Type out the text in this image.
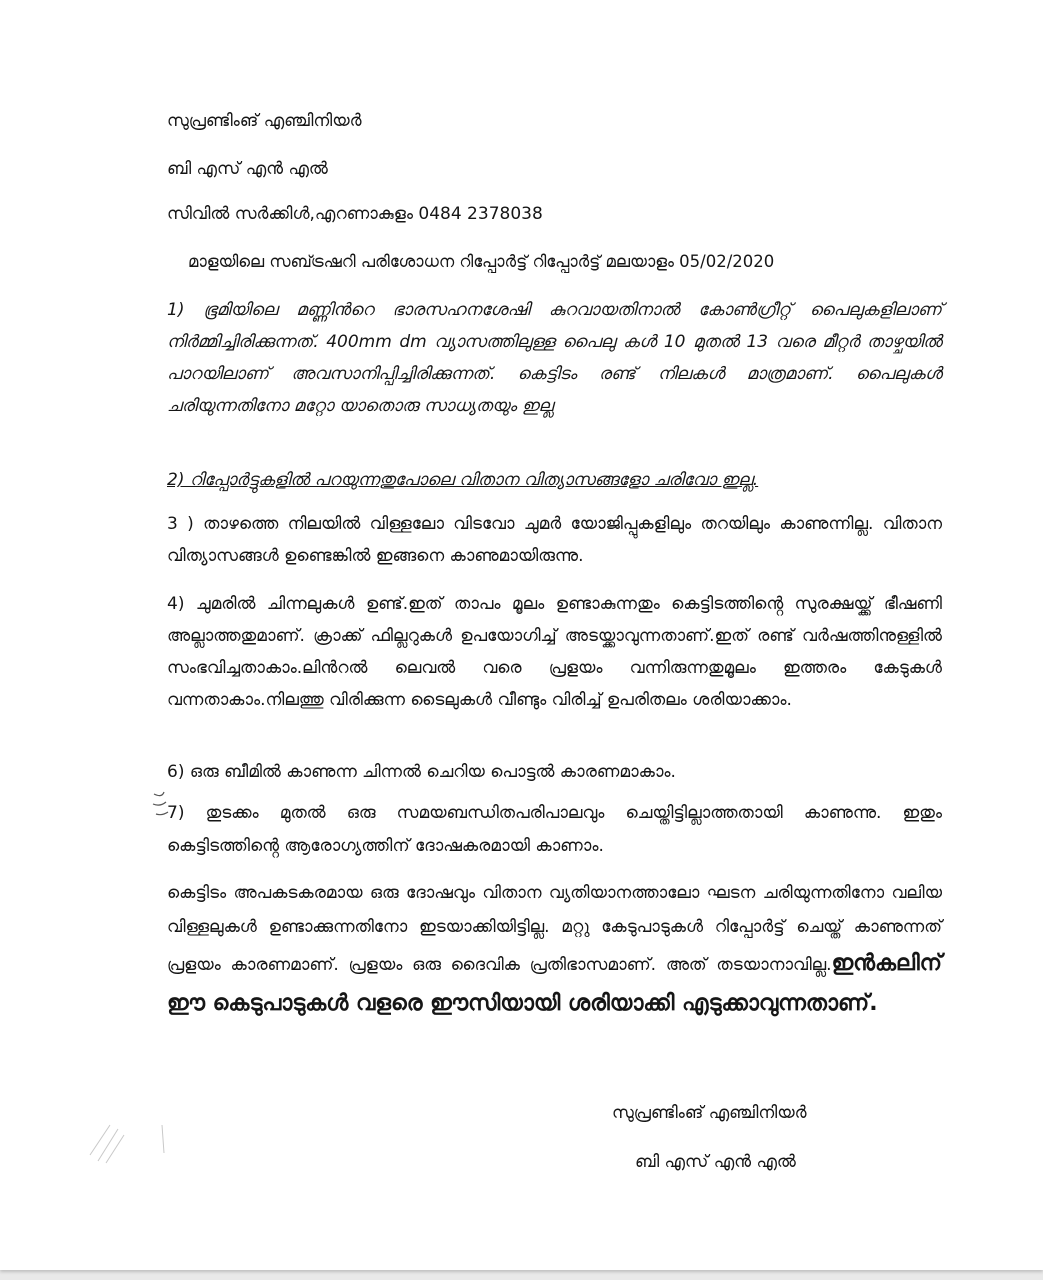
സുപ്രണ്ടിംങ് എഞ്ചിനിയർ
ബി എസ് എൻ എൽ
സിവിൽ സർക്കിൾ,എറണാകുളം 0484 2378038
മാളയിലെ സബ്ട്രഷറി പരിശോധന റിപ്പോർട്ട് റിപ്പോർട്ട് മലയാളം 05/02/2020
1) ഭൂമിയിലെ മണ്ണിൻറെ ഭാരസഹനശേഷി കുറവായതിനാൽ കോൺഗ്രീറ്റ് പൈലുകളിലാണ് നിർമ്മിച്ചിരിക്കുന്നത്. 400mm dm വ്യാസത്തിലുള്ള പൈലു കൾ 10 മുതൽ 13 വരെ മീറ്റർ താഴ്ചയിൽ പാറയിലാണ് അവസാനിപ്പിച്ചിരിക്കുന്നത്. കെട്ടിടം രണ്ട് നിലകൾ മാത്രമാണ്. പൈലുകൾ ചരിയുന്നതിനോ മറ്റോ യാതൊരു സാധ്യതയും ഇല്ല
2) റിപ്പോർട്ടുകളിൽ പറയുന്നതുപോലെ വിതാന വിത്യാസങ്ങളോ ചരിവോ ഇല്ല.
3 ) താഴത്തെ നിലയിൽ വിള്ളലോ വിടവോ ചുമർ യോജിപ്പുകളിലും തറയിലും കാണുന്നില്ല. വിതാന വിത്യാസങ്ങൾ ഉണ്ടെങ്കിൽ ഇങ്ങനെ കാണുമായിരുന്നു.
4) ചുമരിൽ ചിന്നലുകൾ ഉണ്ട്.ഇത് താപം മൂലം ഉണ്ടാകുന്നതും കെട്ടിടത്തിൻ്റെ സുരക്ഷയ്ക്ക് ഭീഷണി അല്ലാത്തതുമാണ്. ക്രാക്ക് ഫില്ലറുകൾ ഉപയോഗിച്ച് അടയ്ക്കാവുന്നതാണ്.ഇത് രണ്ട് വർഷത്തിനുള്ളിൽ സംഭവിച്ചതാകാം.ലിൻറൽ ലെവൽ വരെ പ്രളയം വന്നിരുന്നതുമൂലം ഇത്തരം കേടുകൾ വന്നതാകാം.നിലത്തു വിരിക്കുന്ന ടൈലുകൾ വീണ്ടും വിരിച്ച് ഉപരിതലം ശരിയാക്കാം.
6) ഒരു ബീമിൽ കാണുന്ന ചിന്നൽ ചെറിയ പൊട്ടൽ കാരണമാകാം.
7) തുടക്കം മുതൽ ഒരു സമയബന്ധിതപരിപാലവും ചെയ്തിട്ടില്ലാത്തതായി കാണുന്നു. ഇതും കെട്ടിടത്തിൻ്റെ ആരോഗ്യത്തിന് ദോഷകരമായി കാണാം.
കെട്ടിടം അപകടകരമായ ഒരു ദോഷവും വിതാന വ്യതിയാനത്താലോ ഘടന ചരിയുന്നതിനോ വലിയ വിള്ളലുകൾ ഉണ്ടാക്കുന്നതിനോ ഇടയാക്കിയിട്ടില്ല. മറ്റു കേടുപാടുകൾ റിപ്പോർട്ട് ചെയ്ത് കാണുന്നത് പ്രളയം കാരണമാണ്. പ്രളയം ഒരു ദൈവിക പ്രതിഭാസമാണ്. അത് തടയാനാവില്ല.ഇൻകലിന് ഈ കെടുപാടുകൾ വളരെ ഈസിയായി ശരിയാക്കി എടുക്കാവുന്നതാണ്.
സുപ്രണ്ടിംങ് എഞ്ചിനിയർ
ബി എസ് എൻ എൽ
